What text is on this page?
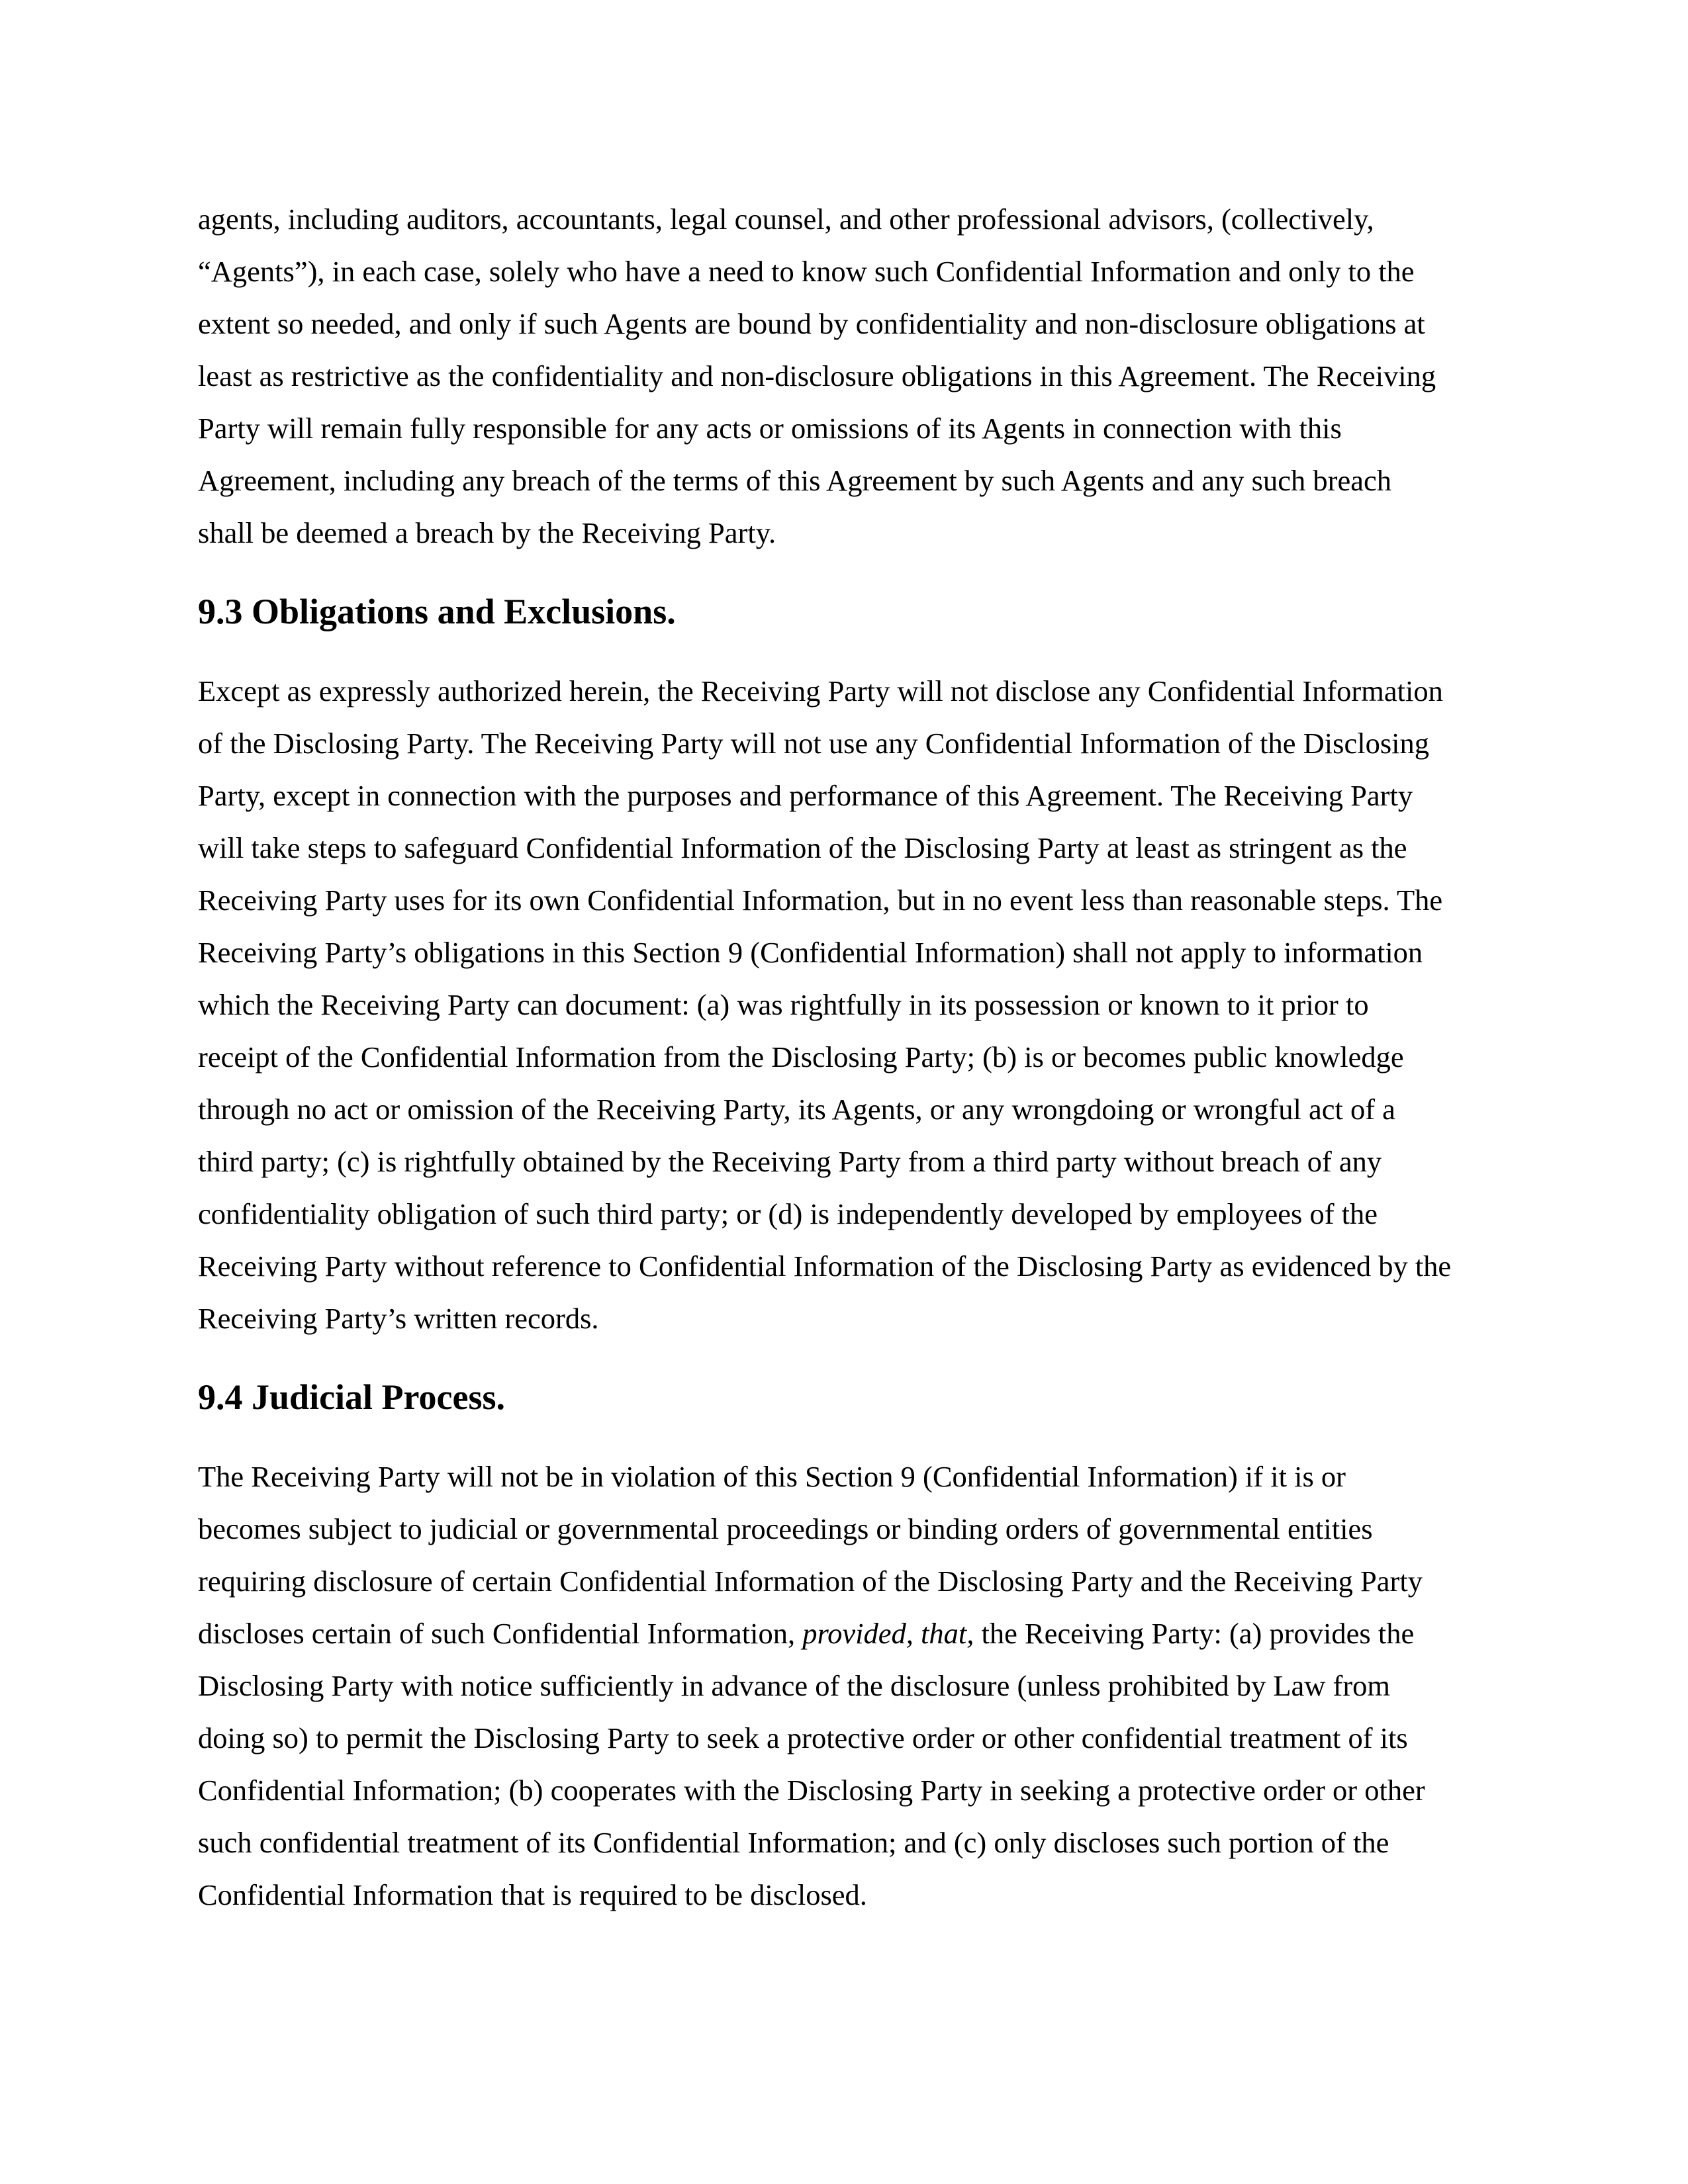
agents, including auditors, accountants, legal counsel, and other professional advisors, (collectively,
“Agents”), in each case, solely who have a need to know such Confidential Information and only to the
extent so needed, and only if such Agents are bound by confidentiality and non-disclosure obligations at
least as restrictive as the confidentiality and non-disclosure obligations in this Agreement. The Receiving
Party will remain fully responsible for any acts or omissions of its Agents in connection with this
Agreement, including any breach of the terms of this Agreement by such Agents and any such breach
shall be deemed a breach by the Receiving Party.

9.3 Obligations and Exclusions.

Except as expressly authorized herein, the Receiving Party will not disclose any Confidential Information
of the Disclosing Party. The Receiving Party will not use any Confidential Information of the Disclosing
Party, except in connection with the purposes and performance of this Agreement. The Receiving Party
will take steps to safeguard Confidential Information of the Disclosing Party at least as stringent as the
Receiving Party uses for its own Confidential Information, but in no event less than reasonable steps. The
Receiving Party’s obligations in this Section 9 (Confidential Information) shall not apply to information
which the Receiving Party can document: (a) was rightfully in its possession or known to it prior to
receipt of the Confidential Information from the Disclosing Party; (b) is or becomes public knowledge
through no act or omission of the Receiving Party, its Agents, or any wrongdoing or wrongful act of a
third party; (c) is rightfully obtained by the Receiving Party from a third party without breach of any
confidentiality obligation of such third party; or (d) is independently developed by employees of the
Receiving Party without reference to Confidential Information of the Disclosing Party as evidenced by the
Receiving Party’s written records.

9.4 Judicial Process.

The Receiving Party will not be in violation of this Section 9 (Confidential Information) if it is or
becomes subject to judicial or governmental proceedings or binding orders of governmental entities
requiring disclosure of certain Confidential Information of the Disclosing Party and the Receiving Party
discloses certain of such Confidential Information, provided, that, the Receiving Party: (a) provides the
Disclosing Party with notice sufficiently in advance of the disclosure (unless prohibited by Law from
doing so) to permit the Disclosing Party to seek a protective order or other confidential treatment of its
Confidential Information; (b) cooperates with the Disclosing Party in seeking a protective order or other
such confidential treatment of its Confidential Information; and (c) only discloses such portion of the
Confidential Information that is required to be disclosed.
